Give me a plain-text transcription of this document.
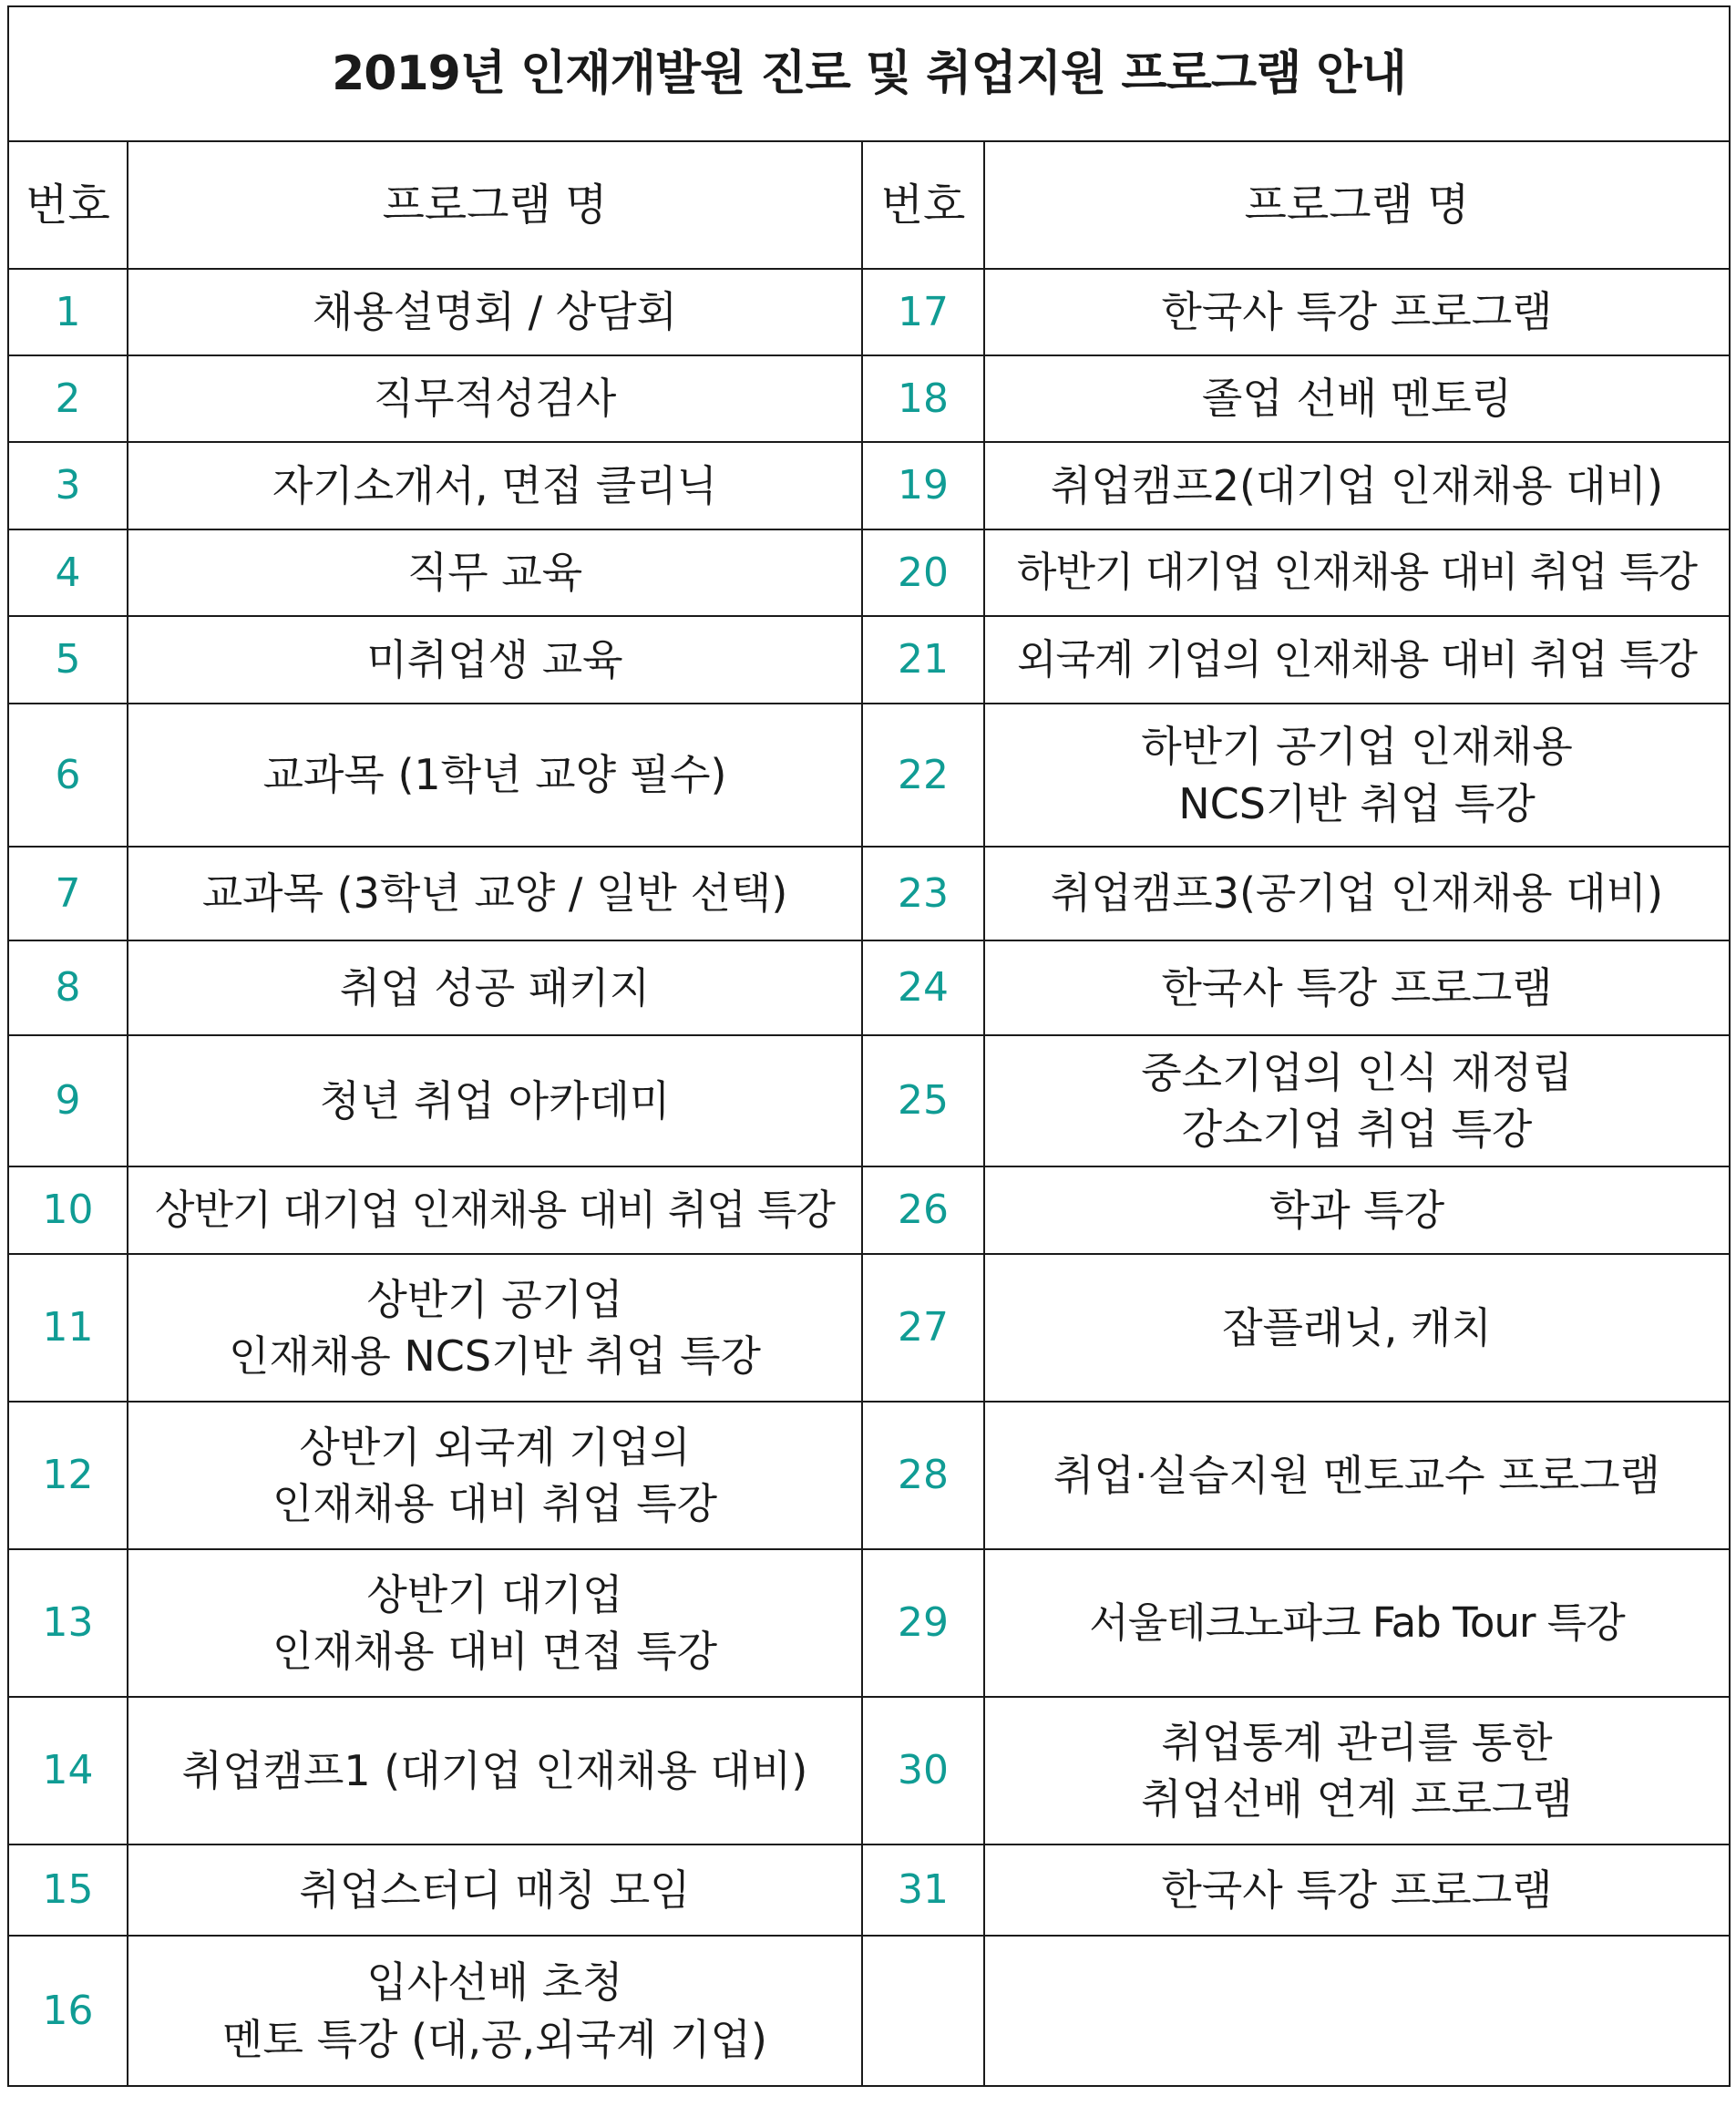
2019년 인재개발원 진로 및 취업지원 프로그램 안내			
번호	프로그램 명	번호	프로그램 명
1	채용설명회 / 상담회	17	한국사 특강 프로그램

2	직무적성검사	18	졸업 선배 멘토링

3	자기소개서, 면접 클리닉	19	취업캠프2(대기업 인재채용 대비)

4	직무 교육	20	하반기 대기업 인재채용 대비 취업 특강

5	미취업생 교육	21	외국계 기업의 인재채용 대비 취업 특강

6	교과목 (1학년 교양 필수)	22	하반기 공기업 인재채용
NCS기반 취업 특강

7	교과목 (3학년 교양 / 일반 선택)	23	취업캠프3(공기업 인재채용 대비)

8	취업 성공 패키지	24	한국사 특강 프로그램

9	청년 취업 아카데미	25	중소기업의 인식 재정립
강소기업 취업 특강

10	상반기 대기업 인재채용 대비 취업 특강	26	학과 특강

11	상반기 공기업
인재채용 NCS기반 취업 특강	27	잡플래닛, 캐치

12	상반기 외국계 기업의
인재채용 대비 취업 특강	28	취업·실습지원 멘토교수 프로그램

13	상반기 대기업
인재채용 대비 면접 특강	29	서울테크노파크 Fab Tour 특강

14	취업캠프1 (대기업 인재채용 대비)	30	취업통계 관리를 통한
취업선배 연계 프로그램

15	취업스터디 매칭 모임	31	한국사 특강 프로그램

16	입사선배 초청
멘토 특강 (대,공,외국계 기업)		
